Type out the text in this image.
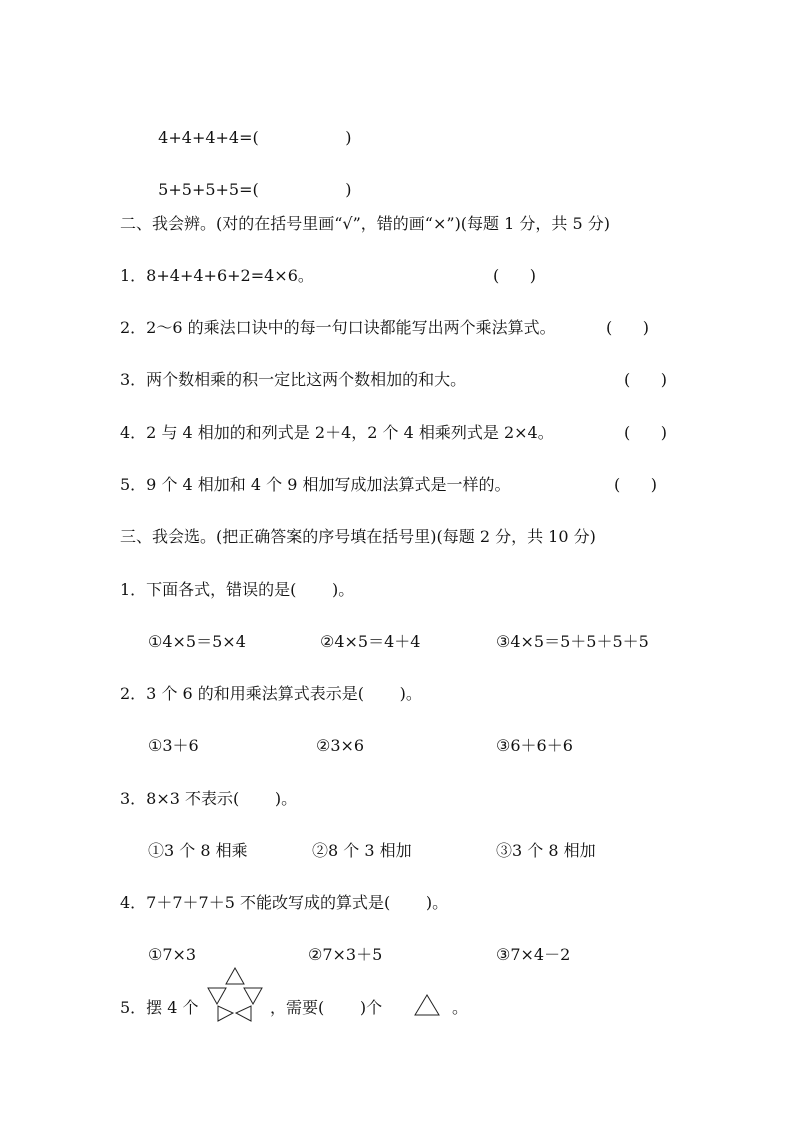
4+4+4+4=(                 )

5+5+5+5=(                 )

二、我会辨。(对的在括号里画“√”，错的画“×”)(每题 1 分，共 5 分)
1．8+4+4+6+2=4×6。	(      )
2．2～6 的乘法口诀中的每一句口诀都能写出两个乘法算式。	(      )
3．两个数相乘的积一定比这两个数相加的和大。	(      )
4．2 与 4 相加的和列式是 2＋4，2 个 4 相乘列式是 2×4。	(      )
5．9 个 4 相加和 4 个 9 相加写成加法算式是一样的。	(      )
三、我会选。(把正确答案的序号填在括号里)(每题 2 分，共 10 分)
1．下面各式，错误的是(       )。
①4×5＝5×4	②4×5＝4＋4	③4×5＝5＋5＋5＋5
2．3 个 6 的和用乘法算式表示是(       )。
①3＋6	②3×6	③6＋6＋6
3．8×3 不表示(       )。
①3 个 8 相乘	②8 个 3 相加	③3 个 8 相加
4．7＋7＋7＋5 不能改写成的算式是(       )。
①7×3	②7×3＋5	③7×4－2
5．摆 4 个	，需要(       )个	。
